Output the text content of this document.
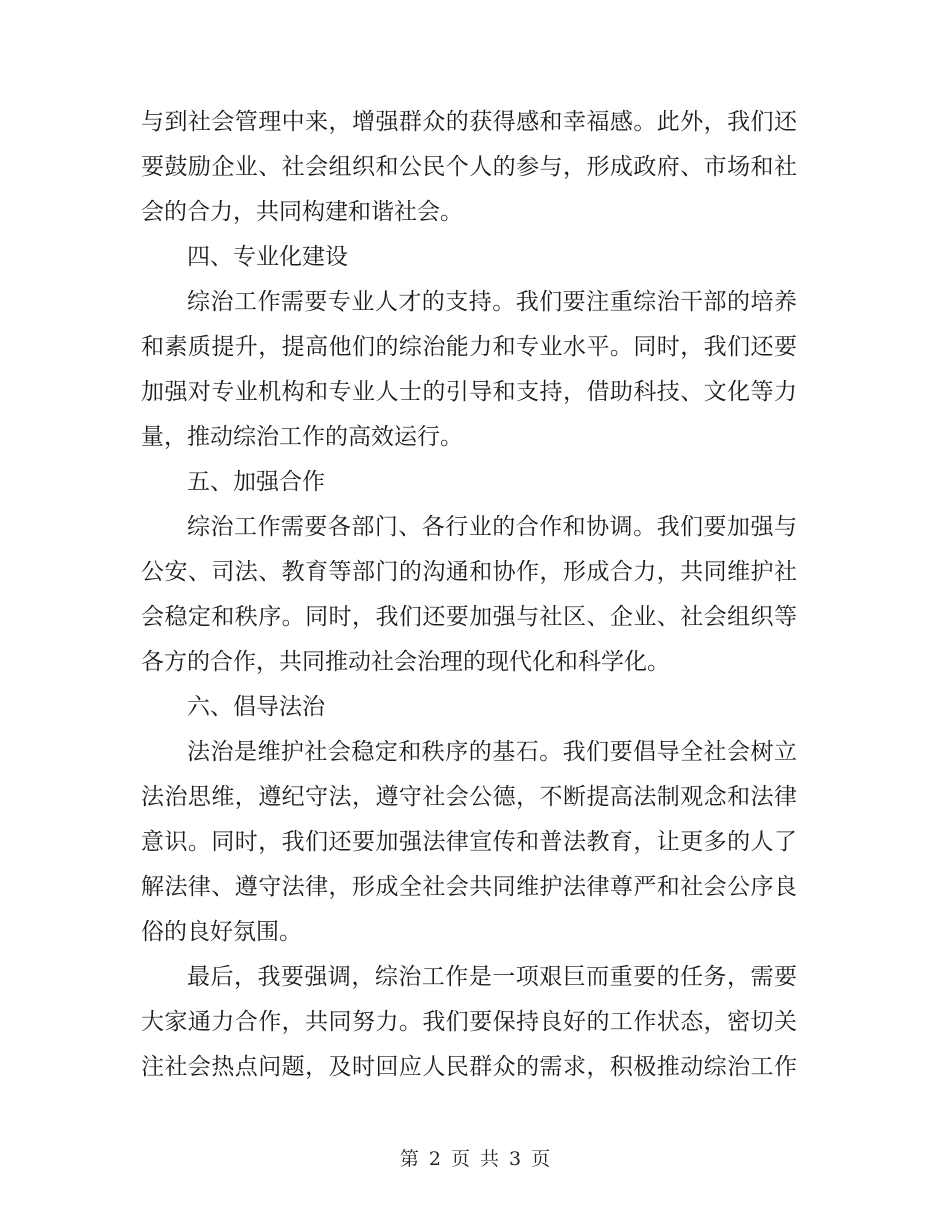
与到社会管理中来，增强群众的获得感和幸福感。此外，我们还
要鼓励企业、社会组织和公民个人的参与，形成政府、市场和社
会的合力，共同构建和谐社会。
四、专业化建设
综治工作需要专业人才的支持。我们要注重综治干部的培养
和素质提升，提高他们的综治能力和专业水平。同时，我们还要
加强对专业机构和专业人士的引导和支持，借助科技、文化等力
量，推动综治工作的高效运行。
五、加强合作
综治工作需要各部门、各行业的合作和协调。我们要加强与
公安、司法、教育等部门的沟通和协作，形成合力，共同维护社
会稳定和秩序。同时，我们还要加强与社区、企业、社会组织等
各方的合作，共同推动社会治理的现代化和科学化。
六、倡导法治
法治是维护社会稳定和秩序的基石。我们要倡导全社会树立
法治思维，遵纪守法，遵守社会公德，不断提高法制观念和法律
意识。同时，我们还要加强法律宣传和普法教育，让更多的人了
解法律、遵守法律，形成全社会共同维护法律尊严和社会公序良
俗的良好氛围。
最后，我要强调，综治工作是一项艰巨而重要的任务，需要
大家通力合作，共同努力。我们要保持良好的工作状态，密切关
注社会热点问题，及时回应人民群众的需求，积极推动综治工作
第 2 页 共 3 页
